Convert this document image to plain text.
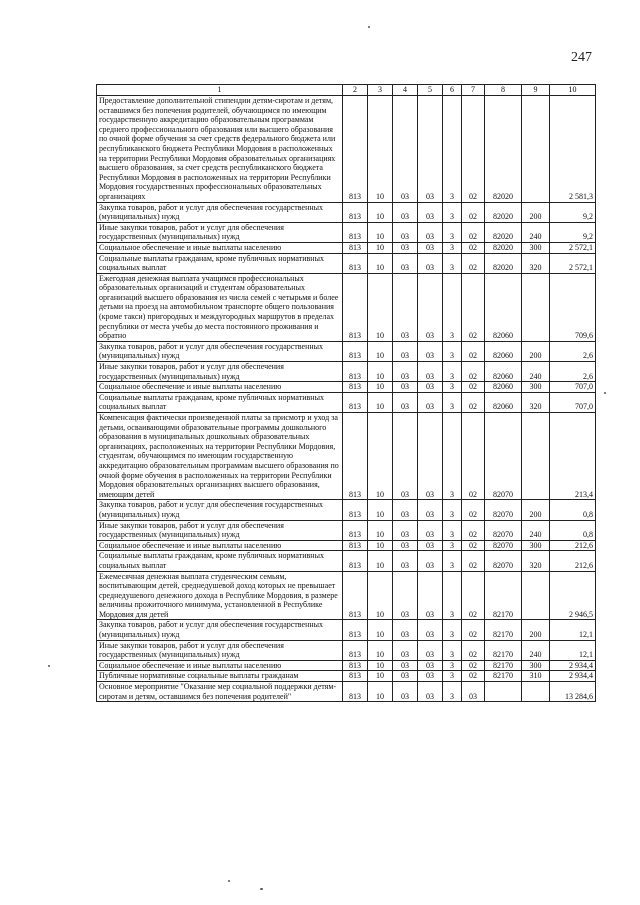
247
1	2	3	4	5	6	7	8	9	10
Предоставление дополнительной стипендии детям-сиротам и детям, оставшимся без попечения родителей, обучающимся по имеющим государственную аккредитацию образовательным программам среднего профессионального образования или высшего образования по очной форме обучения за счет средств федерального бюджета или республиканского бюджета Республики Мордовия в расположенных на территории Республики Мордовия образовательных организациях высшего образования, за счет средств республиканского бюджета Республики Мордовия в расположенных на территории Республики Мордовия государственных профессиональных образовательных организациях	813	10	03	03	3	02	82020		2 581,3
Закупка товаров, работ и услуг для обеспечения государственных (муниципальных) нужд	813	10	03	03	3	02	82020	200	9,2
Иные закупки товаров, работ и услуг для обеспечения государственных (муниципальных) нужд	813	10	03	03	3	02	82020	240	9,2
Социальное обеспечение и иные выплаты населению	813	10	03	03	3	02	82020	300	2 572,1
Социальные выплаты гражданам, кроме публичных нормативных социальных выплат	813	10	03	03	3	02	82020	320	2 572,1
Ежегодная денежная выплата учащимся профессиональных образовательных организаций и студентам образовательных организаций высшего образования из числа семей с четырьмя и более детьми на проезд на автомобильном транспорте общего пользования (кроме такси) пригородных и междугородных маршрутов в пределах республики от места учебы до места постоянного проживания и обратно	813	10	03	03	3	02	82060		709,6
Закупка товаров, работ и услуг для обеспечения государственных (муниципальных) нужд	813	10	03	03	3	02	82060	200	2,6
Иные закупки товаров, работ и услуг для обеспечения государственных (муниципальных) нужд	813	10	03	03	3	02	82060	240	2,6
Социальное обеспечение и иные выплаты населению	813	10	03	03	3	02	82060	300	707,0
Социальные выплаты гражданам, кроме публичных нормативных социальных выплат	813	10	03	03	3	02	82060	320	707,0
Компенсация фактически произведенной платы за присмотр и уход за детьми, осваивающими образовательные программы дошкольного образования в муниципальных дошкольных образовательных организациях, расположенных на территории Республики Мордовия, студентам, обучающимся по имеющим государственную аккредитацию образовательным программам высшего образования по очной форме обучения в расположенных на территории Республики Мордовия образовательных организациях высшего образования, имеющим детей	813	10	03	03	3	02	82070		213,4
Закупка товаров, работ и услуг для обеспечения государственных (муниципальных) нужд	813	10	03	03	3	02	82070	200	0,8
Иные закупки товаров, работ и услуг для обеспечения государственных (муниципальных) нужд	813	10	03	03	3	02	82070	240	0,8
Социальное обеспечение и иные выплаты населению	813	10	03	03	3	02	82070	300	212,6
Социальные выплаты гражданам, кроме публичных нормативных социальных выплат	813	10	03	03	3	02	82070	320	212,6
Ежемесячная денежная выплата студенческим семьям, воспитывающим детей, среднедушевой доход которых не превышает среднедушевого денежного дохода в Республике Мордовия, в размере величины прожиточного минимума, установленной в Республике Мордовия для детей	813	10	03	03	3	02	82170		2 946,5
Закупка товаров, работ и услуг для обеспечения государственных (муниципальных) нужд	813	10	03	03	3	02	82170	200	12,1
Иные закупки товаров, работ и услуг для обеспечения государственных (муниципальных) нужд	813	10	03	03	3	02	82170	240	12,1
Социальное обеспечение и иные выплаты населению	813	10	03	03	3	02	82170	300	2 934,4
Публичные нормативные социальные выплаты гражданам	813	10	03	03	3	02	82170	310	2 934,4
Основное мероприятие "Оказание мер социальной поддержки детям-сиротам и детям, оставшимся без попечения родителей"	813	10	03	03	3	03			13 284,6
